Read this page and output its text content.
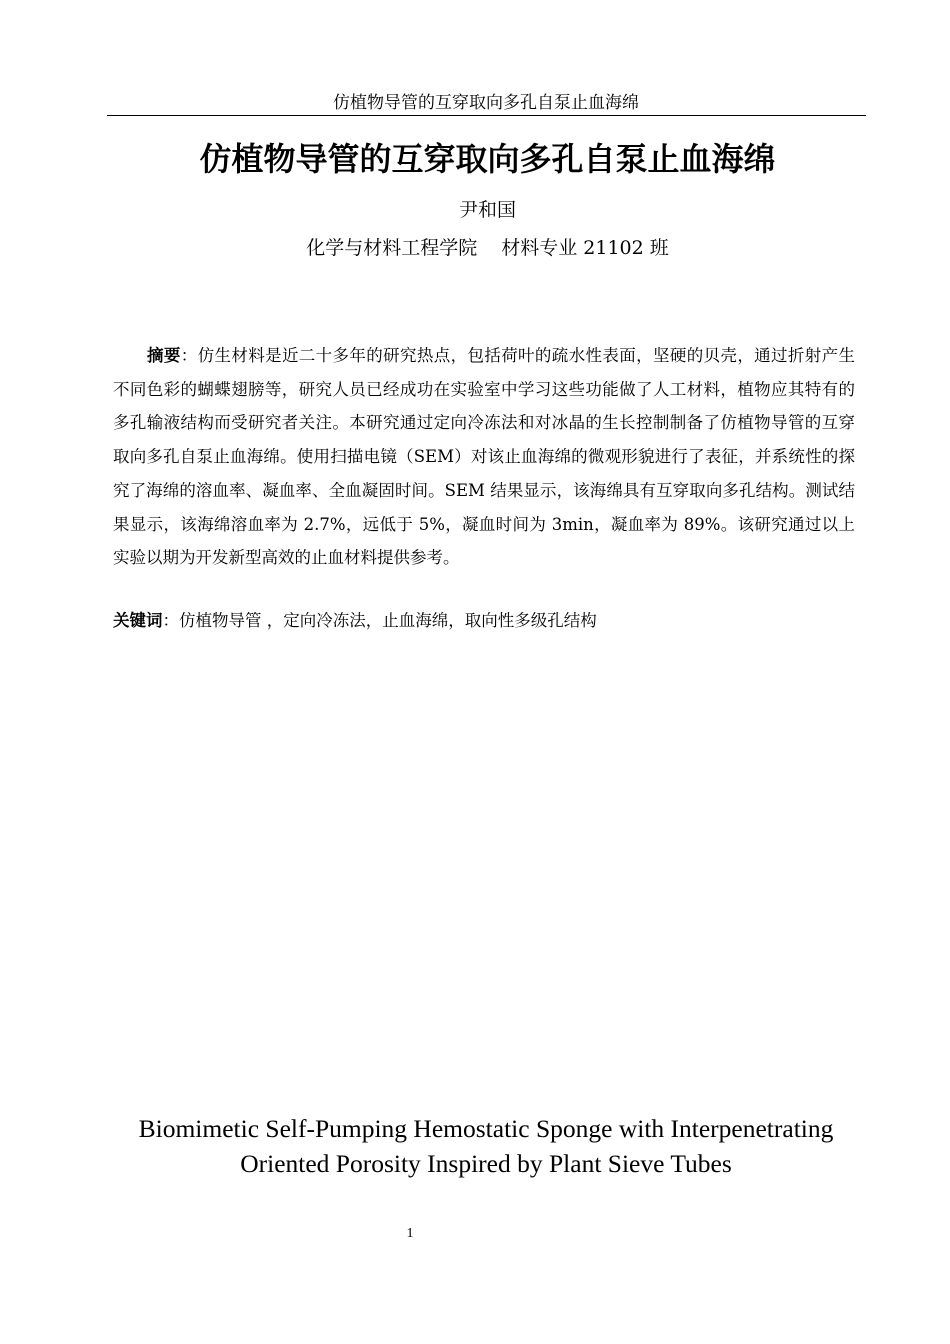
仿植物导管的互穿取向多孔自泵止血海绵
仿植物导管的互穿取向多孔自泵止血海绵
尹和国
化学与材料工程学院 材料专业 21102 班
摘要：仿生材料是近二十多年的研究热点，包括荷叶的疏水性表面，坚硬的贝壳，通过折射产生不同色彩的蝴蝶翅膀等，研究人员已经成功在实验室中学习这些功能做了人工材料，植物应其特有的多孔输液结构而受研究者关注。本研究通过定向冷冻法和对冰晶的生长控制制备了仿植物导管的互穿取向多孔自泵止血海绵。使用扫描电镜（SEM）对该止血海绵的微观形貌进行了表征，并系统性的探究了海绵的溶血率、凝血率、全血凝固时间。SEM 结果显示，该海绵具有互穿取向多孔结构。测试结果显示，该海绵溶血率为 2.7%，远低于 5%，凝血时间为 3min，凝血率为 89%。该研究通过以上实验以期为开发新型高效的止血材料提供参考。
关键词：仿植物导管 ，定向冷冻法，止血海绵，取向性多级孔结构
Biomimetic Self-Pumping Hemostatic Sponge with Interpenetrating
Oriented Porosity Inspired by Plant Sieve Tubes
1
